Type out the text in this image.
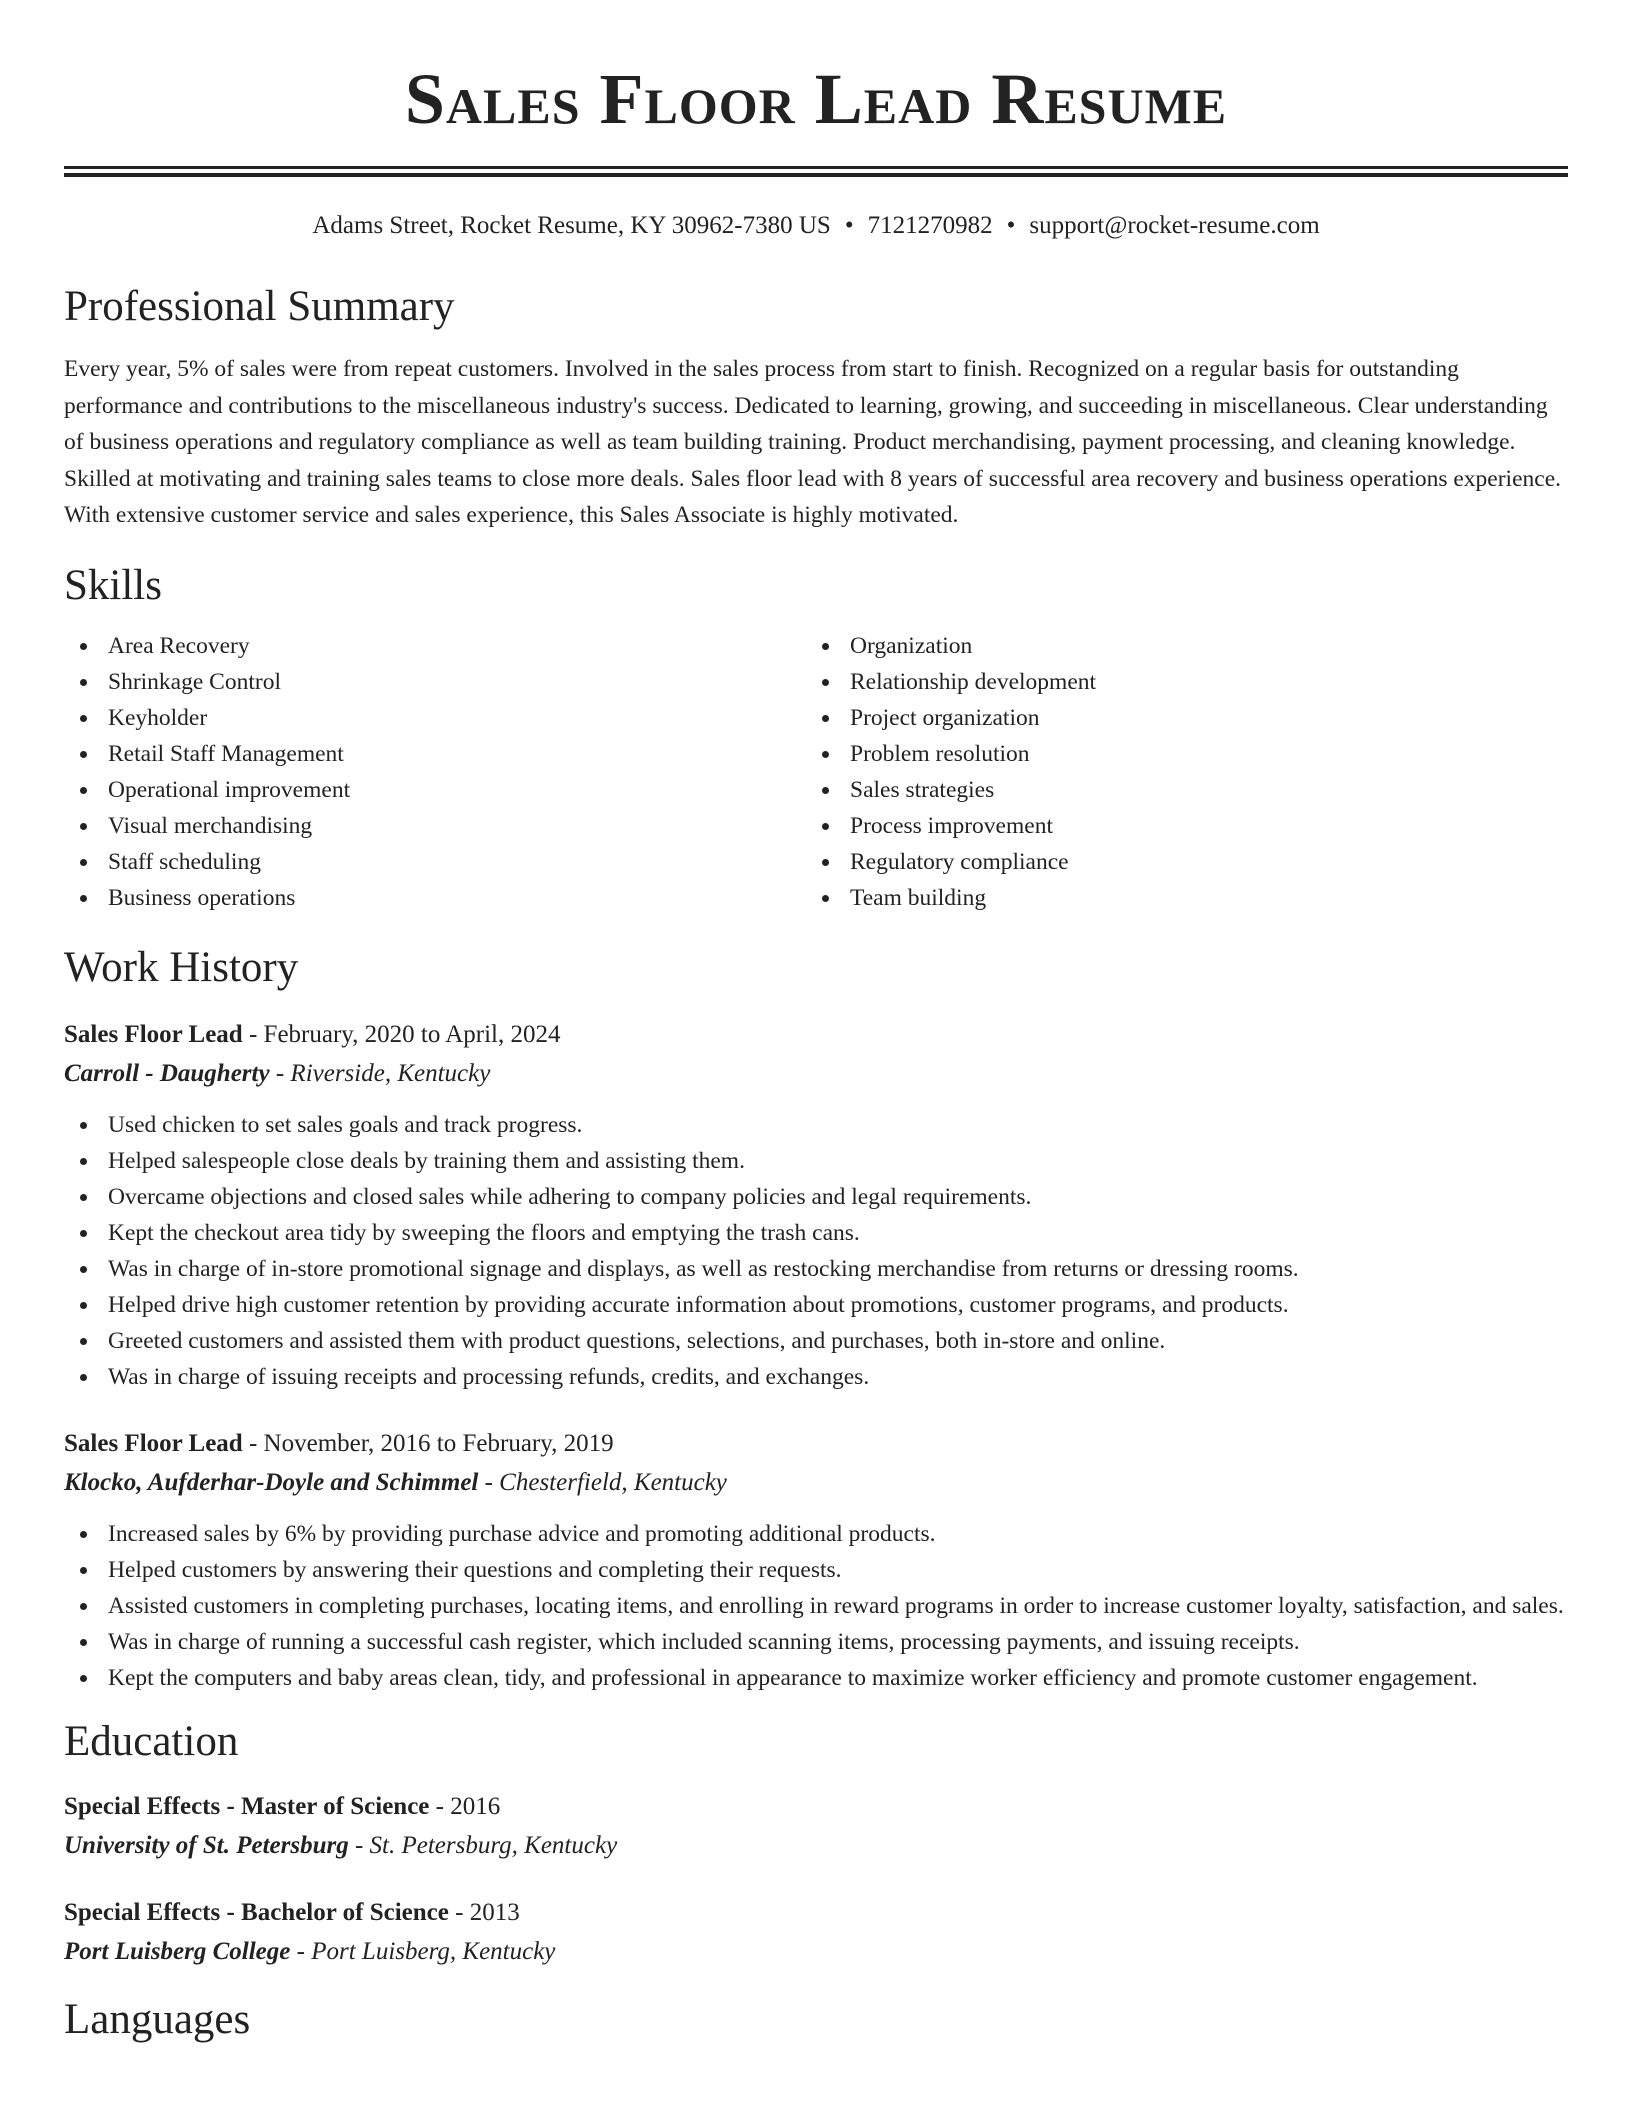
Sales Floor Lead Resume
Adams Street, Rocket Resume, KY 30962-7380 US • 7121270982 • support@rocket-resume.com
Professional Summary

Every year, 5% of sales were from repeat customers. Involved in the sales process from start to finish. Recognized on a regular basis for outstanding performance and contributions to the miscellaneous industry's success. Dedicated to learning, growing, and succeeding in miscellaneous. Clear understanding of business operations and regulatory compliance as well as team building training. Product merchandising, payment processing, and cleaning knowledge. Skilled at motivating and training sales teams to close more deals. Sales floor lead with 8 years of successful area recovery and business operations experience. With extensive customer service and sales experience, this Sales Associate is highly motivated.

Skills
Area Recovery
Shrinkage Control
Keyholder
Retail Staff Management
Operational improvement
Visual merchandising
Staff scheduling
Business operations
Organization
Relationship development
Project organization
Problem resolution
Sales strategies
Process improvement
Regulatory compliance
Team building
Work History
Sales Floor Lead - February, 2020 to April, 2024
Carroll - Daugherty - Riverside, Kentucky
Used chicken to set sales goals and track progress.
Helped salespeople close deals by training them and assisting them.
Overcame objections and closed sales while adhering to company policies and legal requirements.
Kept the checkout area tidy by sweeping the floors and emptying the trash cans.
Was in charge of in-store promotional signage and displays, as well as restocking merchandise from returns or dressing rooms.
Helped drive high customer retention by providing accurate information about promotions, customer programs, and products.
Greeted customers and assisted them with product questions, selections, and purchases, both in-store and online.
Was in charge of issuing receipts and processing refunds, credits, and exchanges.
Sales Floor Lead - November, 2016 to February, 2019
Klocko, Aufderhar-Doyle and Schimmel - Chesterfield, Kentucky
Increased sales by 6% by providing purchase advice and promoting additional products.
Helped customers by answering their questions and completing their requests.
Assisted customers in completing purchases, locating items, and enrolling in reward programs in order to increase customer loyalty, satisfaction, and sales.
Was in charge of running a successful cash register, which included scanning items, processing payments, and issuing receipts.
Kept the computers and baby areas clean, tidy, and professional in appearance to maximize worker efficiency and promote customer engagement.
Education
Special Effects - Master of Science - 2016
University of St. Petersburg - St. Petersburg, Kentucky
Special Effects - Bachelor of Science - 2013
Port Luisberg College - Port Luisberg, Kentucky
Languages
